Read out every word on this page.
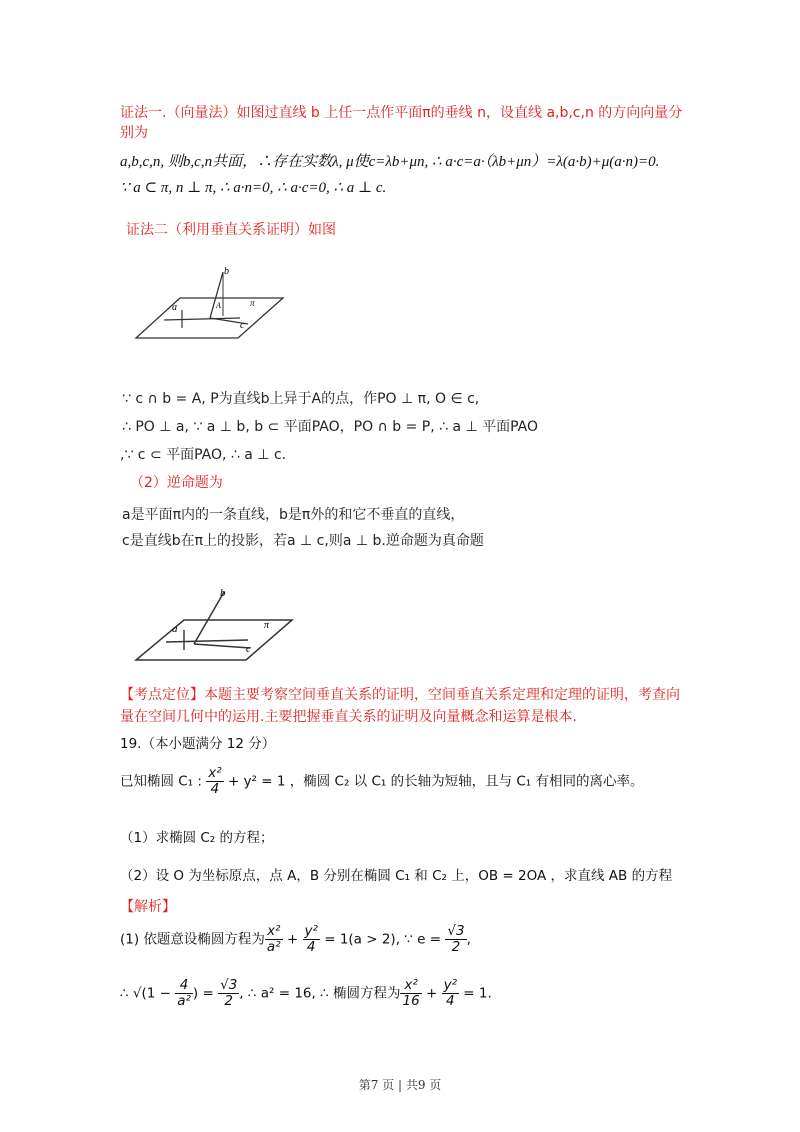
证法一.（向量法）如图过直线 b 上任一点作平面π的垂线 n，设直线 a,b,c,n 的方向向量分
别为
a,b,c,n, 则b,c,n共面，∴存在实数λ, μ使c=λb+μn, ∴ a·c=a·（λb+μn）=λ(a·b)+μ(a·n)=0.
∵ a ⊂ π, n ⊥ π, ∴ a·n=0, ∴ a·c=0, ∴ a ⊥ c.
证法二（利用垂直关系证明）如图
b
a	A	π
c
∵ c ∩ b = A, P为直线b上异于A的点，作PO ⊥ π, O ∈ c,
∴ PO ⊥ a, ∵ a ⊥ b, b ⊂ 平面PAO，PO ∩ b = P, ∴ a ⊥ 平面PAO
,∵ c ⊂ 平面PAO, ∴ a ⊥ c.
（2）逆命题为
a是平面π内的一条直线，b是π外的和它不垂直的直线，
c是直线b在π上的投影，若a ⊥ c,则a ⊥ b.逆命题为真命题
b
a	π
c
【考点定位】本题主要考察空间垂直关系的证明，空间垂直关系定理和定理的证明，考查向
量在空间几何中的运用.主要把握垂直关系的证明及向量概念和运算是根本.
19.（本小题满分 12 分）
已知椭圆 C₁ : $\frac{\text{x²}}{4} + y^2 = 1$ ，椭圆 C₂ 以 C₁ 的长轴为短轴，且与 C₁ 有相同的离心率。
（1）求椭圆 C₂ 的方程；
（2）设 O 为坐标原点，点 A，B 分别在椭圆 C₁ 和 C₂ 上，OB = 2OA ，求直线 AB 的方程
【解析】
(1) 依题意设椭圆方程为 $\frac{\text{x²}}{\text{a²}} + \frac{\text{y²}}{4} = 1(a > 2)$, ∵ $e = \frac{√3}{2}$ ,
∴ $√(1 - \frac{4}{\text{a²}}$ ) = $\frac{√3}{2}$ , ∴ a² = 16, ∴ 椭圆方程为 $\frac{\text{x²}}{16} + \frac{\text{y²}}{4} = 1$.
第7 页 | 共9 页
